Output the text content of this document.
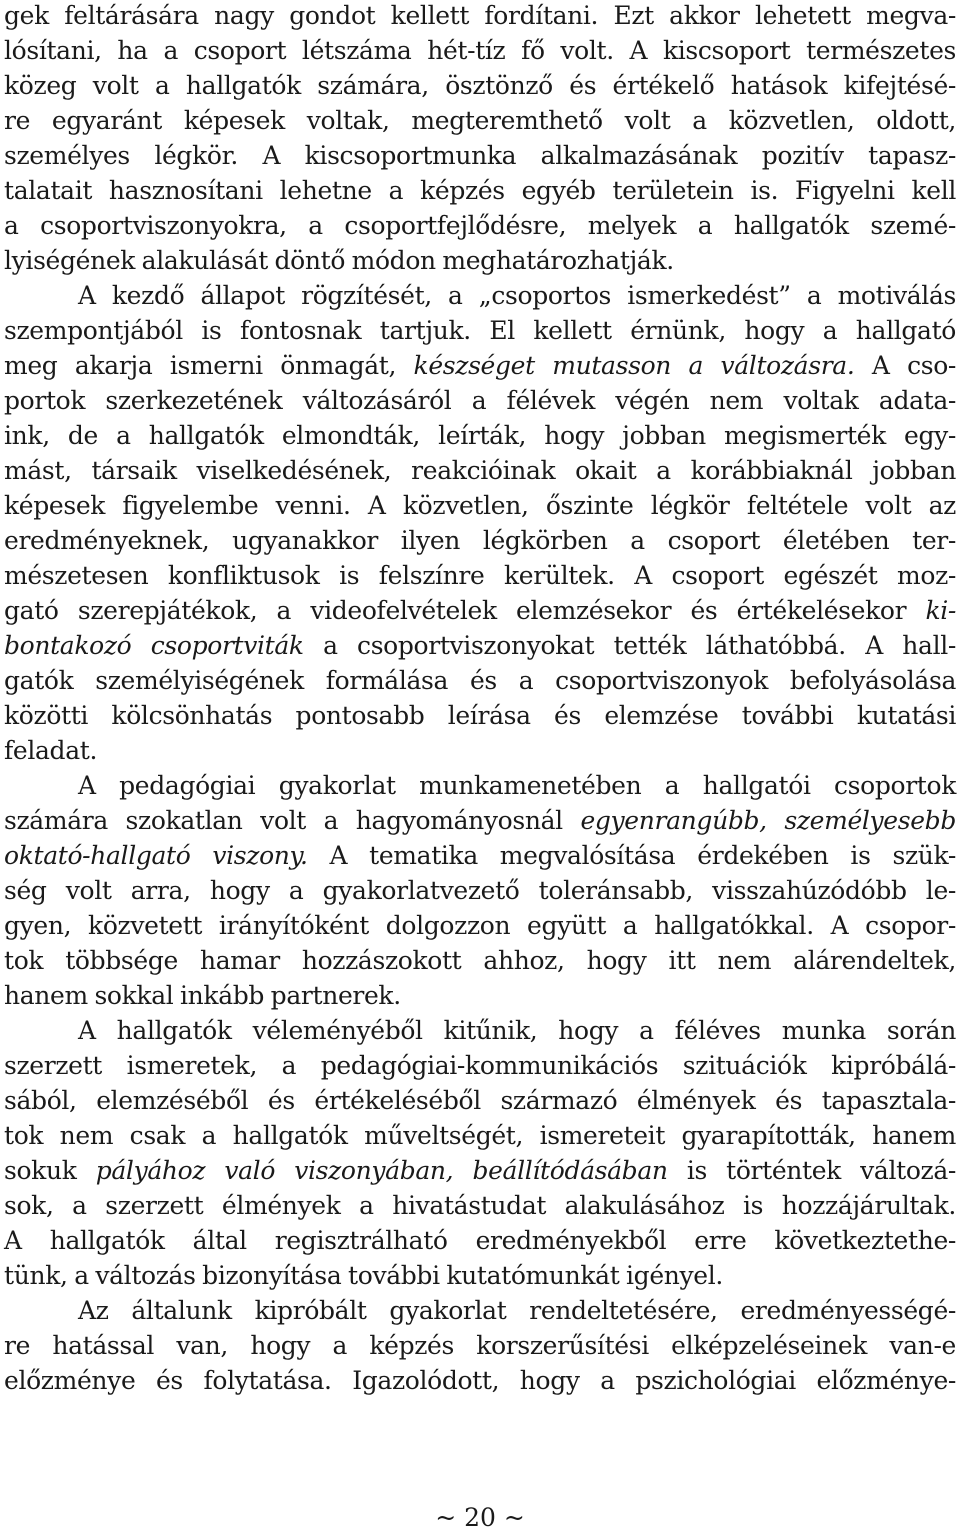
gek feltárására nagy gondot kellett fordítani. Ezt akkor lehetett megva-
lósítani, ha a csoport létszáma hét-tíz fő volt. A kiscsoport természetes
közeg volt a hallgatók számára, ösztönző és értékelő hatások kifejtésé-
re egyaránt képesek voltak, megteremthető volt a közvetlen, oldott,
személyes légkör. A kiscsoportmunka alkalmazásának pozitív tapasz-
talatait hasznosítani lehetne a képzés egyéb területein is. Figyelni kell
a csoportviszonyokra, a csoportfejlődésre, melyek a hallgatók szemé-
lyiségének alakulását döntő módon meghatározhatják.
A kezdő állapot rögzítését, a „csoportos ismerkedést” a motiválás
szempontjából is fontosnak tartjuk. El kellett érnünk, hogy a hallgató
meg akarja ismerni önmagát, készséget mutasson a változásra. A cso-
portok szerkezetének változásáról a félévek végén nem voltak adata-
ink, de a hallgatók elmondták, leírták, hogy jobban megismerték egy-
mást, társaik viselkedésének, reakcióinak okait a korábbiaknál jobban
képesek figyelembe venni. A közvetlen, őszinte légkör feltétele volt az
eredményeknek, ugyanakkor ilyen légkörben a csoport életében ter-
mészetesen konfliktusok is felszínre kerültek. A csoport egészét moz-
gató szerepjátékok, a videofelvételek elemzésekor és értékelésekor ki-
bontakozó csoportviták a csoportviszonyokat tették láthatóbbá. A hall-
gatók személyiségének formálása és a csoportviszonyok befolyásolása
közötti kölcsönhatás pontosabb leírása és elemzése további kutatási
feladat.
A pedagógiai gyakorlat munkamenetében a hallgatói csoportok
számára szokatlan volt a hagyományosnál egyenrangúbb, személyesebb
oktató-hallgató viszony. A tematika megvalósítása érdekében is szük-
ség volt arra, hogy a gyakorlatvezető toleránsabb, visszahúzódóbb le-
gyen, közvetett irányítóként dolgozzon együtt a hallgatókkal. A csopor-
tok többsége hamar hozzászokott ahhoz, hogy itt nem alárendeltek,
hanem sokkal inkább partnerek.
A hallgatók véleményéből kitűnik, hogy a féléves munka során
szerzett ismeretek, a pedagógiai-kommunikációs szituációk kipróbálá-
sából, elemzéséből és értékeléséből származó élmények és tapasztala-
tok nem csak a hallgatók műveltségét, ismereteit gyarapították, hanem
sokuk pályához való viszonyában, beállítódásában is történtek változá-
sok, a szerzett élmények a hivatástudat alakulásához is hozzájárultak.
A hallgatók által regisztrálható eredményekből erre következtethe-
tünk, a változás bizonyítása további kutatómunkát igényel.
Az általunk kipróbált gyakorlat rendeltetésére, eredményességé-
re hatással van, hogy a képzés korszerűsítési elképzeléseinek van-e
előzménye és folytatása. Igazolódott, hogy a pszichológiai előzménye-
~ 20 ~
